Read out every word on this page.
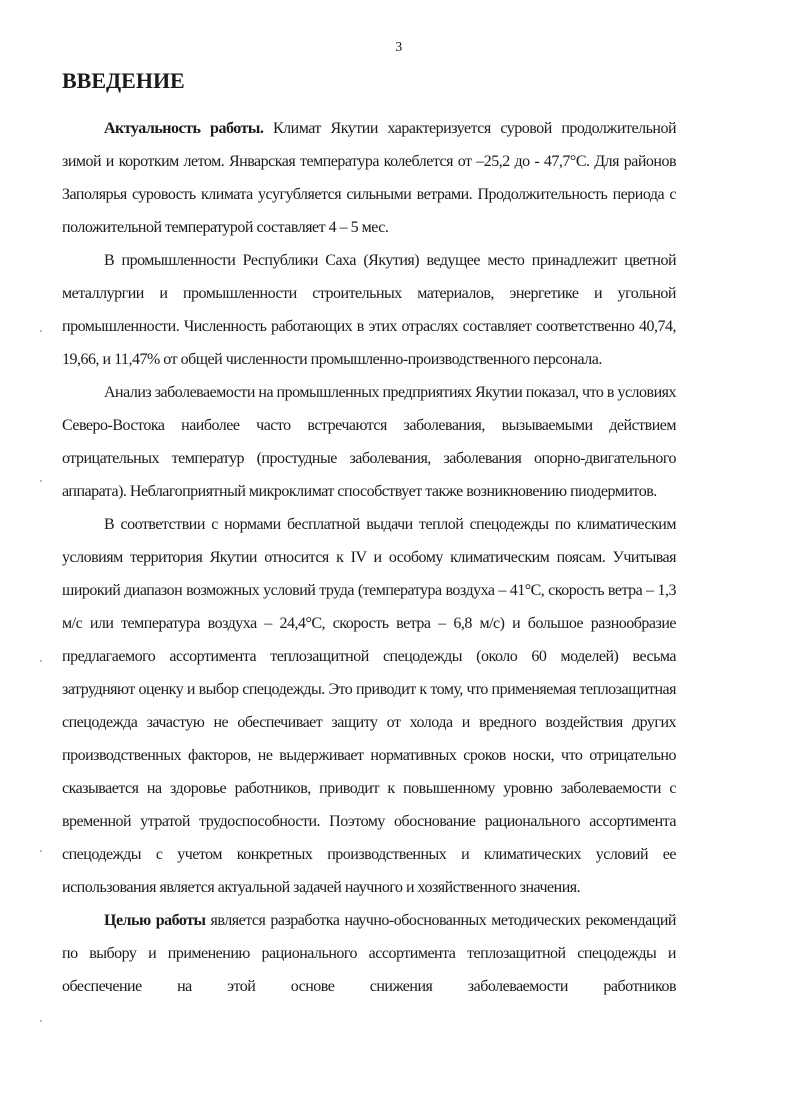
3
ВВЕДЕНИЕ

Актуальность работы. Климат Якутии характеризуется суровой продолжительной зимой и коротким летом. Январская температура колеблется от –25,2 до - 47,7°С. Для районов Заполярья суровость климата усугубляется сильными ветрами. Продолжительность периода с положительной температурой составляет 4 – 5 мес.

В промышленности Республики Саха (Якутия) ведущее место принадлежит цветной металлургии и промышленности строительных материалов, энергетике и угольной промышленности. Численность работающих в этих отраслях составляет соответственно 40,74, 19,66, и 11,47% от общей численности промышленно-производственного персонала.

Анализ заболеваемости на промышленных предприятиях Якутии показал, что в условиях Северо-Востока наиболее часто встречаются заболевания, вызываемыми действием отрицательных температур (простудные заболевания, заболевания опорно-двигательного аппарата). Неблагоприятный микроклимат способствует также возникновению пиодермитов.

В соответствии с нормами бесплатной выдачи теплой спецодежды по климатическим условиям территория Якутии относится к IV и особому климатическим поясам. Учитывая широкий диапазон возможных условий труда (температура воздуха – 41°С, скорость ветра – 1,3 м/с или температура воздуха – 24,4°С, скорость ветра – 6,8 м/с) и большое разнообразие предлагаемого ассортимента теплозащитной спецодежды (около 60 моделей) весьма затрудняют оценку и выбор спецодежды. Это приводит к тому, что применяемая теплозащитная спецодежда зачастую не обеспечивает защиту от холода и вредного воздействия других производственных факторов, не выдерживает нормативных сроков носки, что отрицательно сказывается на здоровье работников, приводит к повышенному уровню заболеваемости с временной утратой трудоспособности. Поэтому обоснование рационального ассортимента спецодежды с учетом конкретных производственных и климатических условий ее использования является актуальной задачей научного и хозяйственного значения.

Целью работы является разработка научно-обоснованных методических рекомендаций по выбору и применению рационального ассортимента теплозащитной спецодежды и обеспечение на этой основе снижения заболеваемости работников
